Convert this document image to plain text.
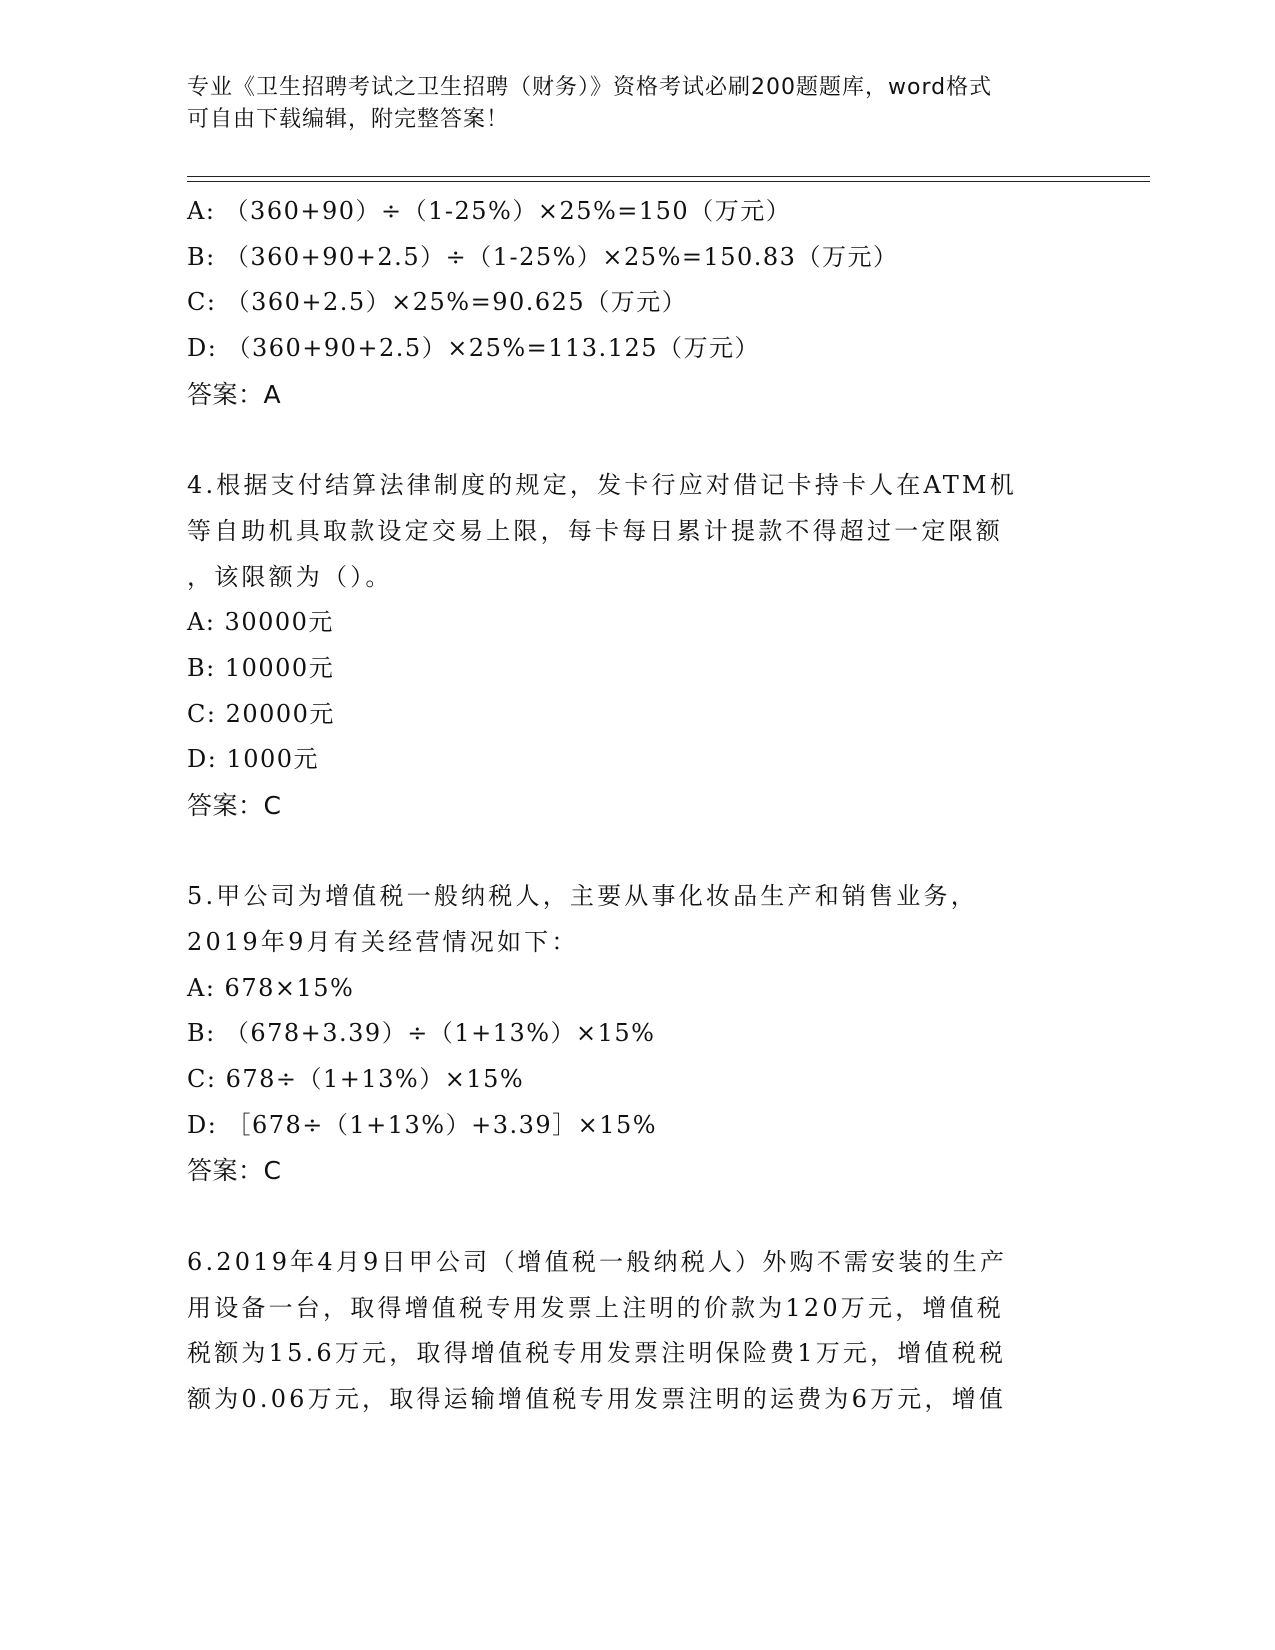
专业《卫生招聘考试之卫生招聘（财务）》资格考试必刷200题题库，word格式
可自由下载编辑，附完整答案！
A: （360+90）÷（1-25%）×25%=150（万元）
B: （360+90+2.5）÷（1-25%）×25%=150.83（万元）
C: （360+2.5）×25%=90.625（万元）
D: （360+90+2.5）×25%=113.125（万元）
答案：A
4.根据支付结算法律制度的规定，发卡行应对借记卡持卡人在ATM机
等自助机具取款设定交易上限，每卡每日累计提款不得超过一定限额
，该限额为（）。
A: 30000元
B: 10000元
C: 20000元
D: 1000元
答案：C
5.甲公司为增值税一般纳税人，主要从事化妆品生产和销售业务，
2019年9月有关经营情况如下：
A: 678×15%
B: （678+3.39）÷（1+13%）×15%
C: 678÷（1+13%）×15%
D: ［678÷（1+13%）+3.39］×15%
答案：C
6.2019年4月9日甲公司（增值税一般纳税人）外购不需安装的生产
用设备一台，取得增值税专用发票上注明的价款为120万元，增值税
税额为15.6万元，取得增值税专用发票注明保险费1万元，增值税税
额为0.06万元，取得运输增值税专用发票注明的运费为6万元，增值
